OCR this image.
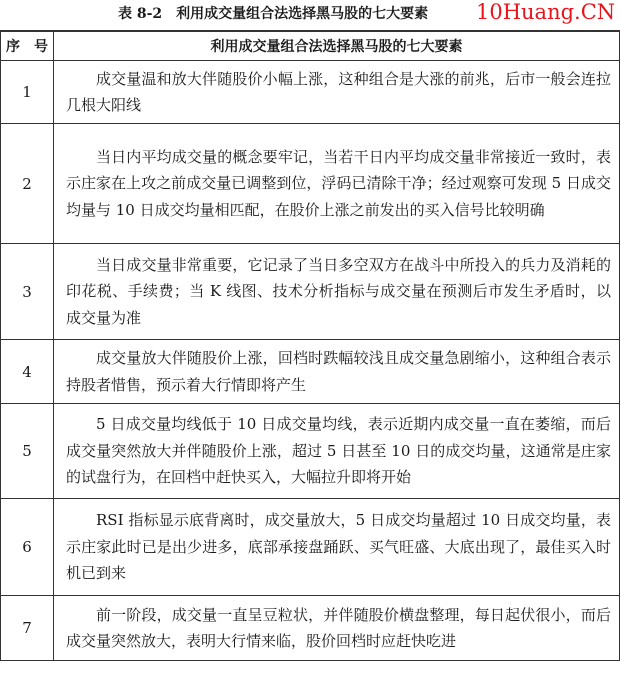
表 8-2　利用成交量组合法选择黑马股的七大要素 10Huang.CN
序　号	利用成交量组合法选择黑马股的七大要素
1	成交量温和放大伴随股价小幅上涨，这种组合是大涨的前兆，后市一般会连拉几根大阳线

2	当日内平均成交量的概念要牢记，当若干日内平均成交量非常接近一致时，表示庄家在上攻之前成交量已调整到位，浮码已清除干净；经过观察可发现 5 日成交均量与 10 日成交均量相匹配，在股价上涨之前发出的买入信号比较明确

3	当日成交量非常重要，它记录了当日多空双方在战斗中所投入的兵力及消耗的印花税、手续费；当 K 线图、技术分析指标与成交量在预测后市发生矛盾时，以成交量为准

4	成交量放大伴随股价上涨，回档时跌幅较浅且成交量急剧缩小，这种组合表示持股者惜售，预示着大行情即将产生

5	5 日成交量均线低于 10 日成交量均线，表示近期内成交量一直在萎缩，而后成交量突然放大并伴随股价上涨，超过 5 日甚至 10 日的成交均量，这通常是庄家的试盘行为，在回档中赶快买入，大幅拉升即将开始

6	RSI 指标显示底背离时，成交量放大，5 日成交均量超过 10 日成交均量，表示庄家此时已是出少进多，底部承接盘踊跃、买气旺盛、大底出现了，最佳买入时机已到来

7	前一阶段，成交量一直呈豆粒状，并伴随股价横盘整理，每日起伏很小，而后成交量突然放大，表明大行情来临，股价回档时应赶快吃进
